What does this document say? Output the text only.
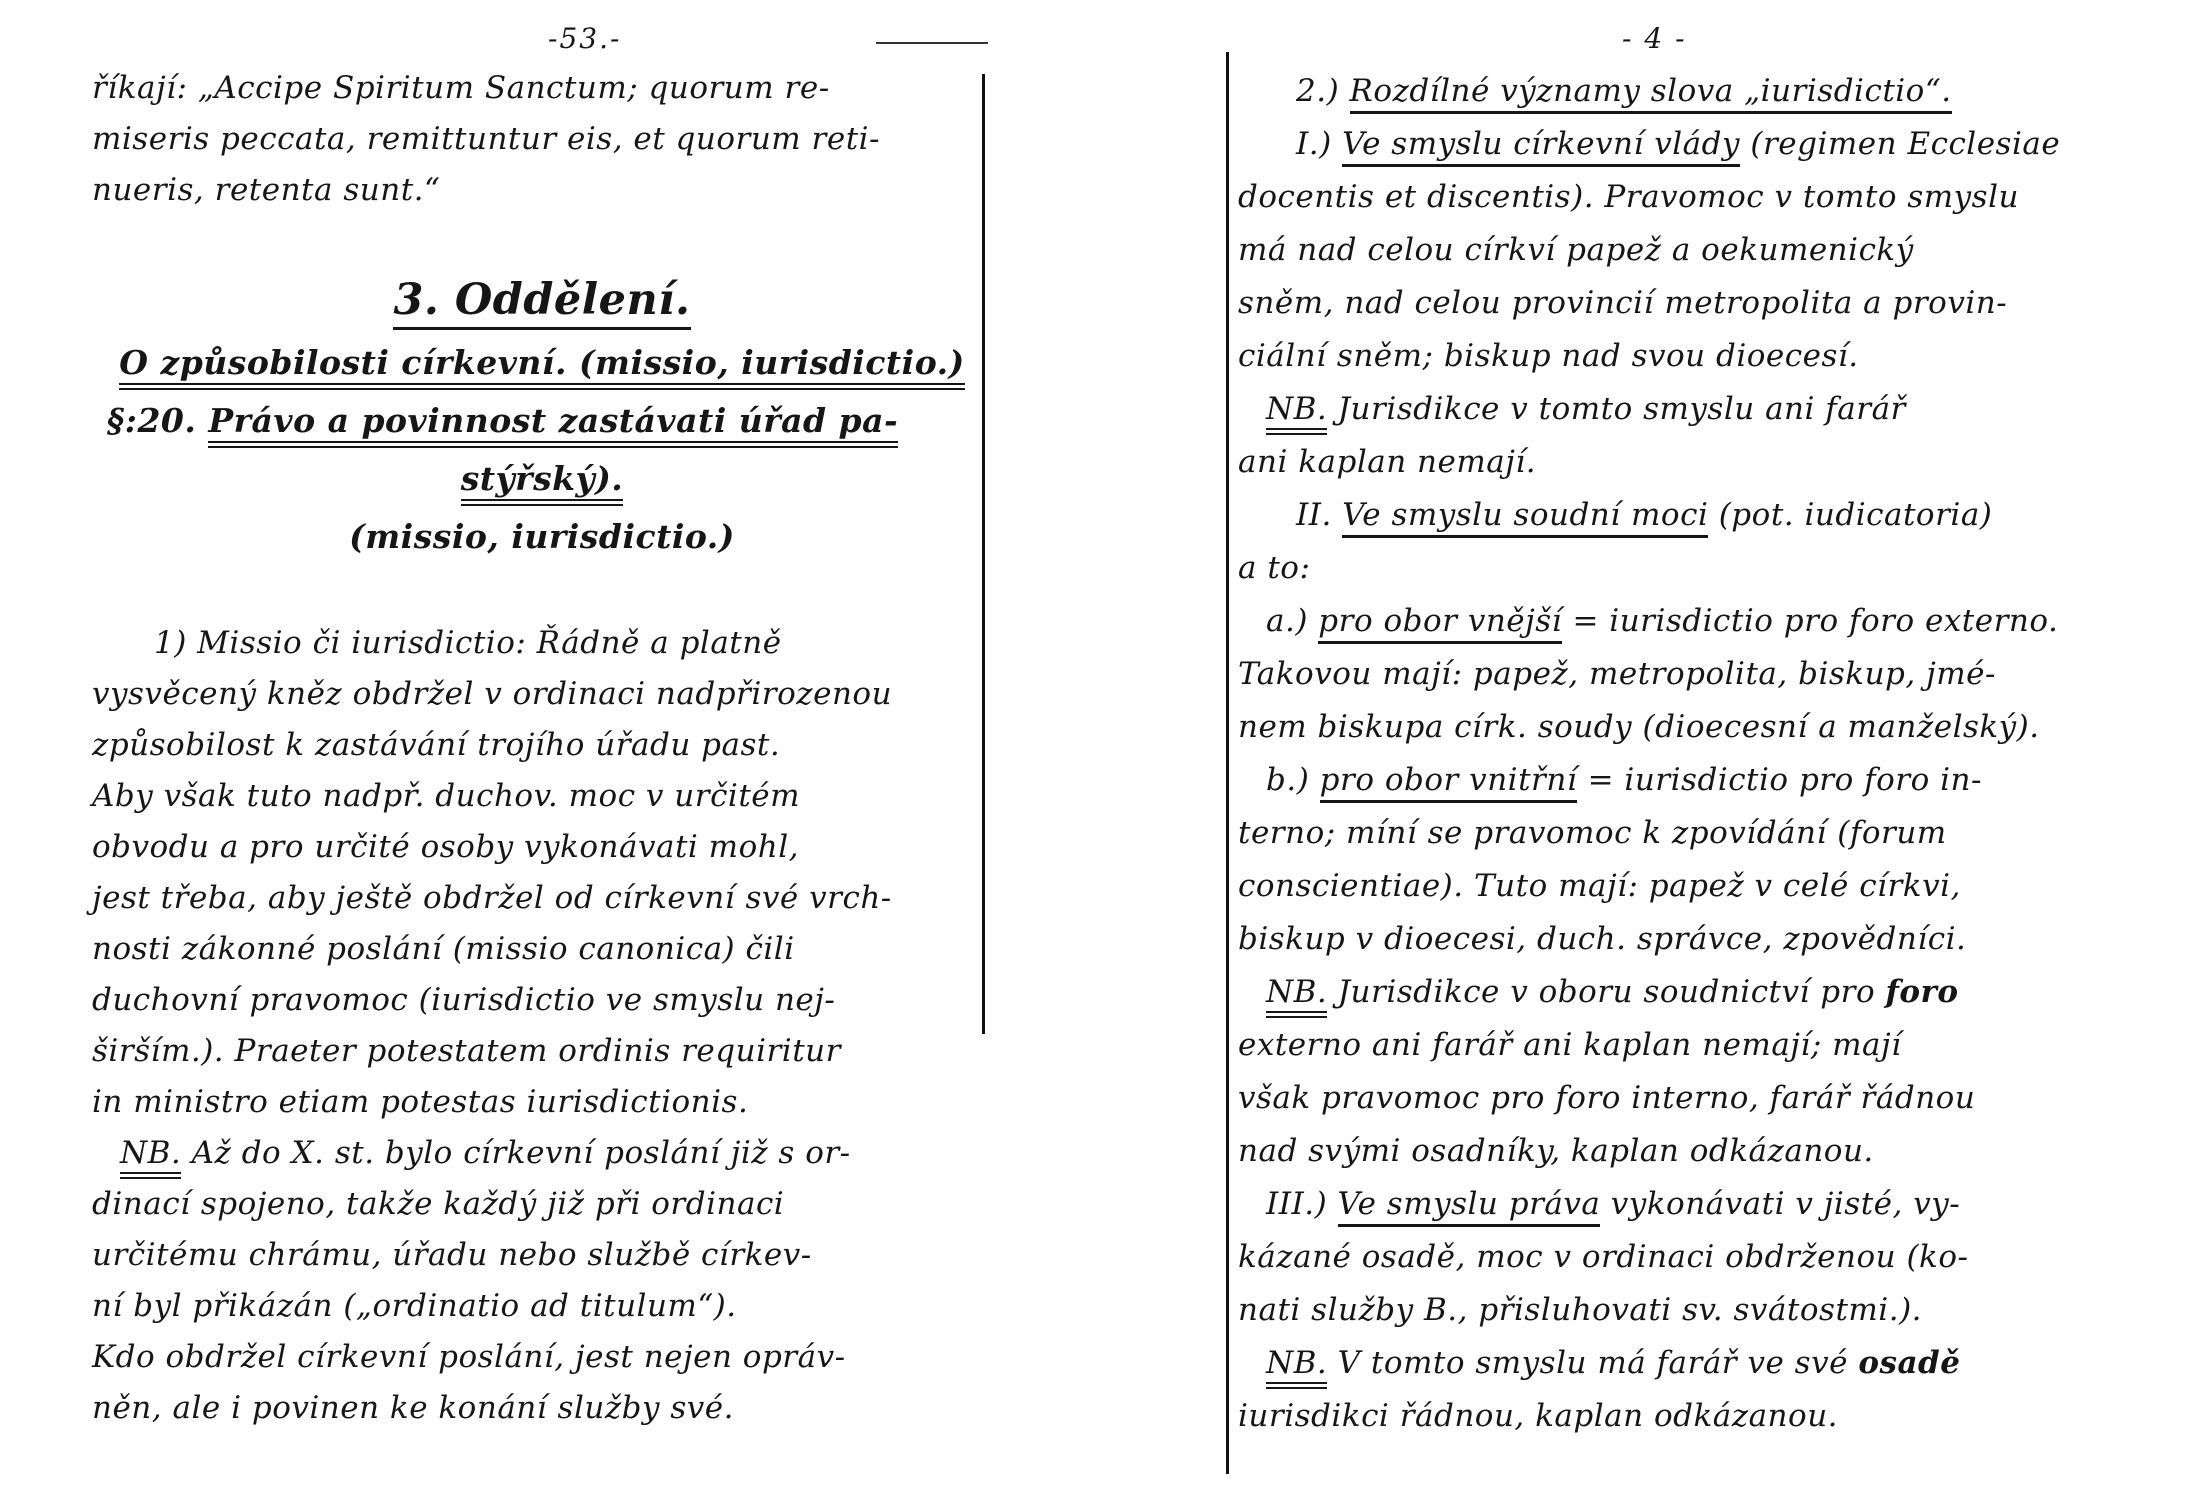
-53.-	- 4 -
říkají: „Accipe Spiritum Sanctum; quorum re-
miseris peccata, remittuntur eis, et quorum reti-
nueris, retenta sunt.“

3. Oddělení.
O způsobilosti církevní. (missio, iurisdictio.)
§:20. Právo a povinnost zastávati úřad pa-
stýřský).
(missio, iurisdictio.)

1) Missio či iurisdictio: Řádně a platně
vysvěcený kněz obdržel v ordinaci nadpřirozenou
způsobilost k zastávání trojího úřadu past.
Aby však tuto nadpř. duchov. moc v určitém
obvodu a pro určité osoby vykonávati mohl,
jest třeba, aby ještě obdržel od církevní své vrch-
nosti zákonné poslání (missio canonica) čili
duchovní pravomoc (iurisdictio ve smyslu nej-
širším.). Praeter potestatem ordinis requiritur
in ministro etiam potestas iurisdictionis.
NB. Až do X. st. bylo církevní poslání již s or-
dinací spojeno, takže každý již při ordinaci
určitému chrámu, úřadu nebo službě církev-
ní byl přikázán („ordinatio ad titulum“).
Kdo obdržel církevní poslání, jest nejen opráv-
něn, ale i povinen ke konání služby své.
2.) Rozdílné významy slova „iurisdictio“.
I.) Ve smyslu církevní vlády (regimen Ecclesiae
docentis et discentis). Pravomoc v tomto smyslu
má nad celou církví papež a oekumenický
sněm, nad celou provincií metropolita a provin-
ciální sněm; biskup nad svou dioecesí.
NB. Jurisdikce v tomto smyslu ani farář
ani kaplan nemají.
II. Ve smyslu soudní moci (pot. iudicatoria)
a to:
a.) pro obor vnější = iurisdictio pro foro externo.
Takovou mají: papež, metropolita, biskup, jmé-
nem biskupa círk. soudy (dioecesní a manželský).
b.) pro obor vnitřní = iurisdictio pro foro in-
terno; míní se pravomoc k zpovídání (forum
conscientiae). Tuto mají: papež v celé církvi,
biskup v dioecesi, duch. správce, zpovědníci.
NB. Jurisdikce v oboru soudnictví pro foro
externo ani farář ani kaplan nemají; mají
však pravomoc pro foro interno, farář řádnou
nad svými osadníky, kaplan odkázanou.
III.) Ve smyslu práva vykonávati v jisté, vy-
kázané osadě, moc v ordinaci obdrženou (ko-
nati služby B., přisluhovati sv. svátostmi.).
NB. V tomto smyslu má farář ve své osadě
iurisdikci řádnou, kaplan odkázanou.
